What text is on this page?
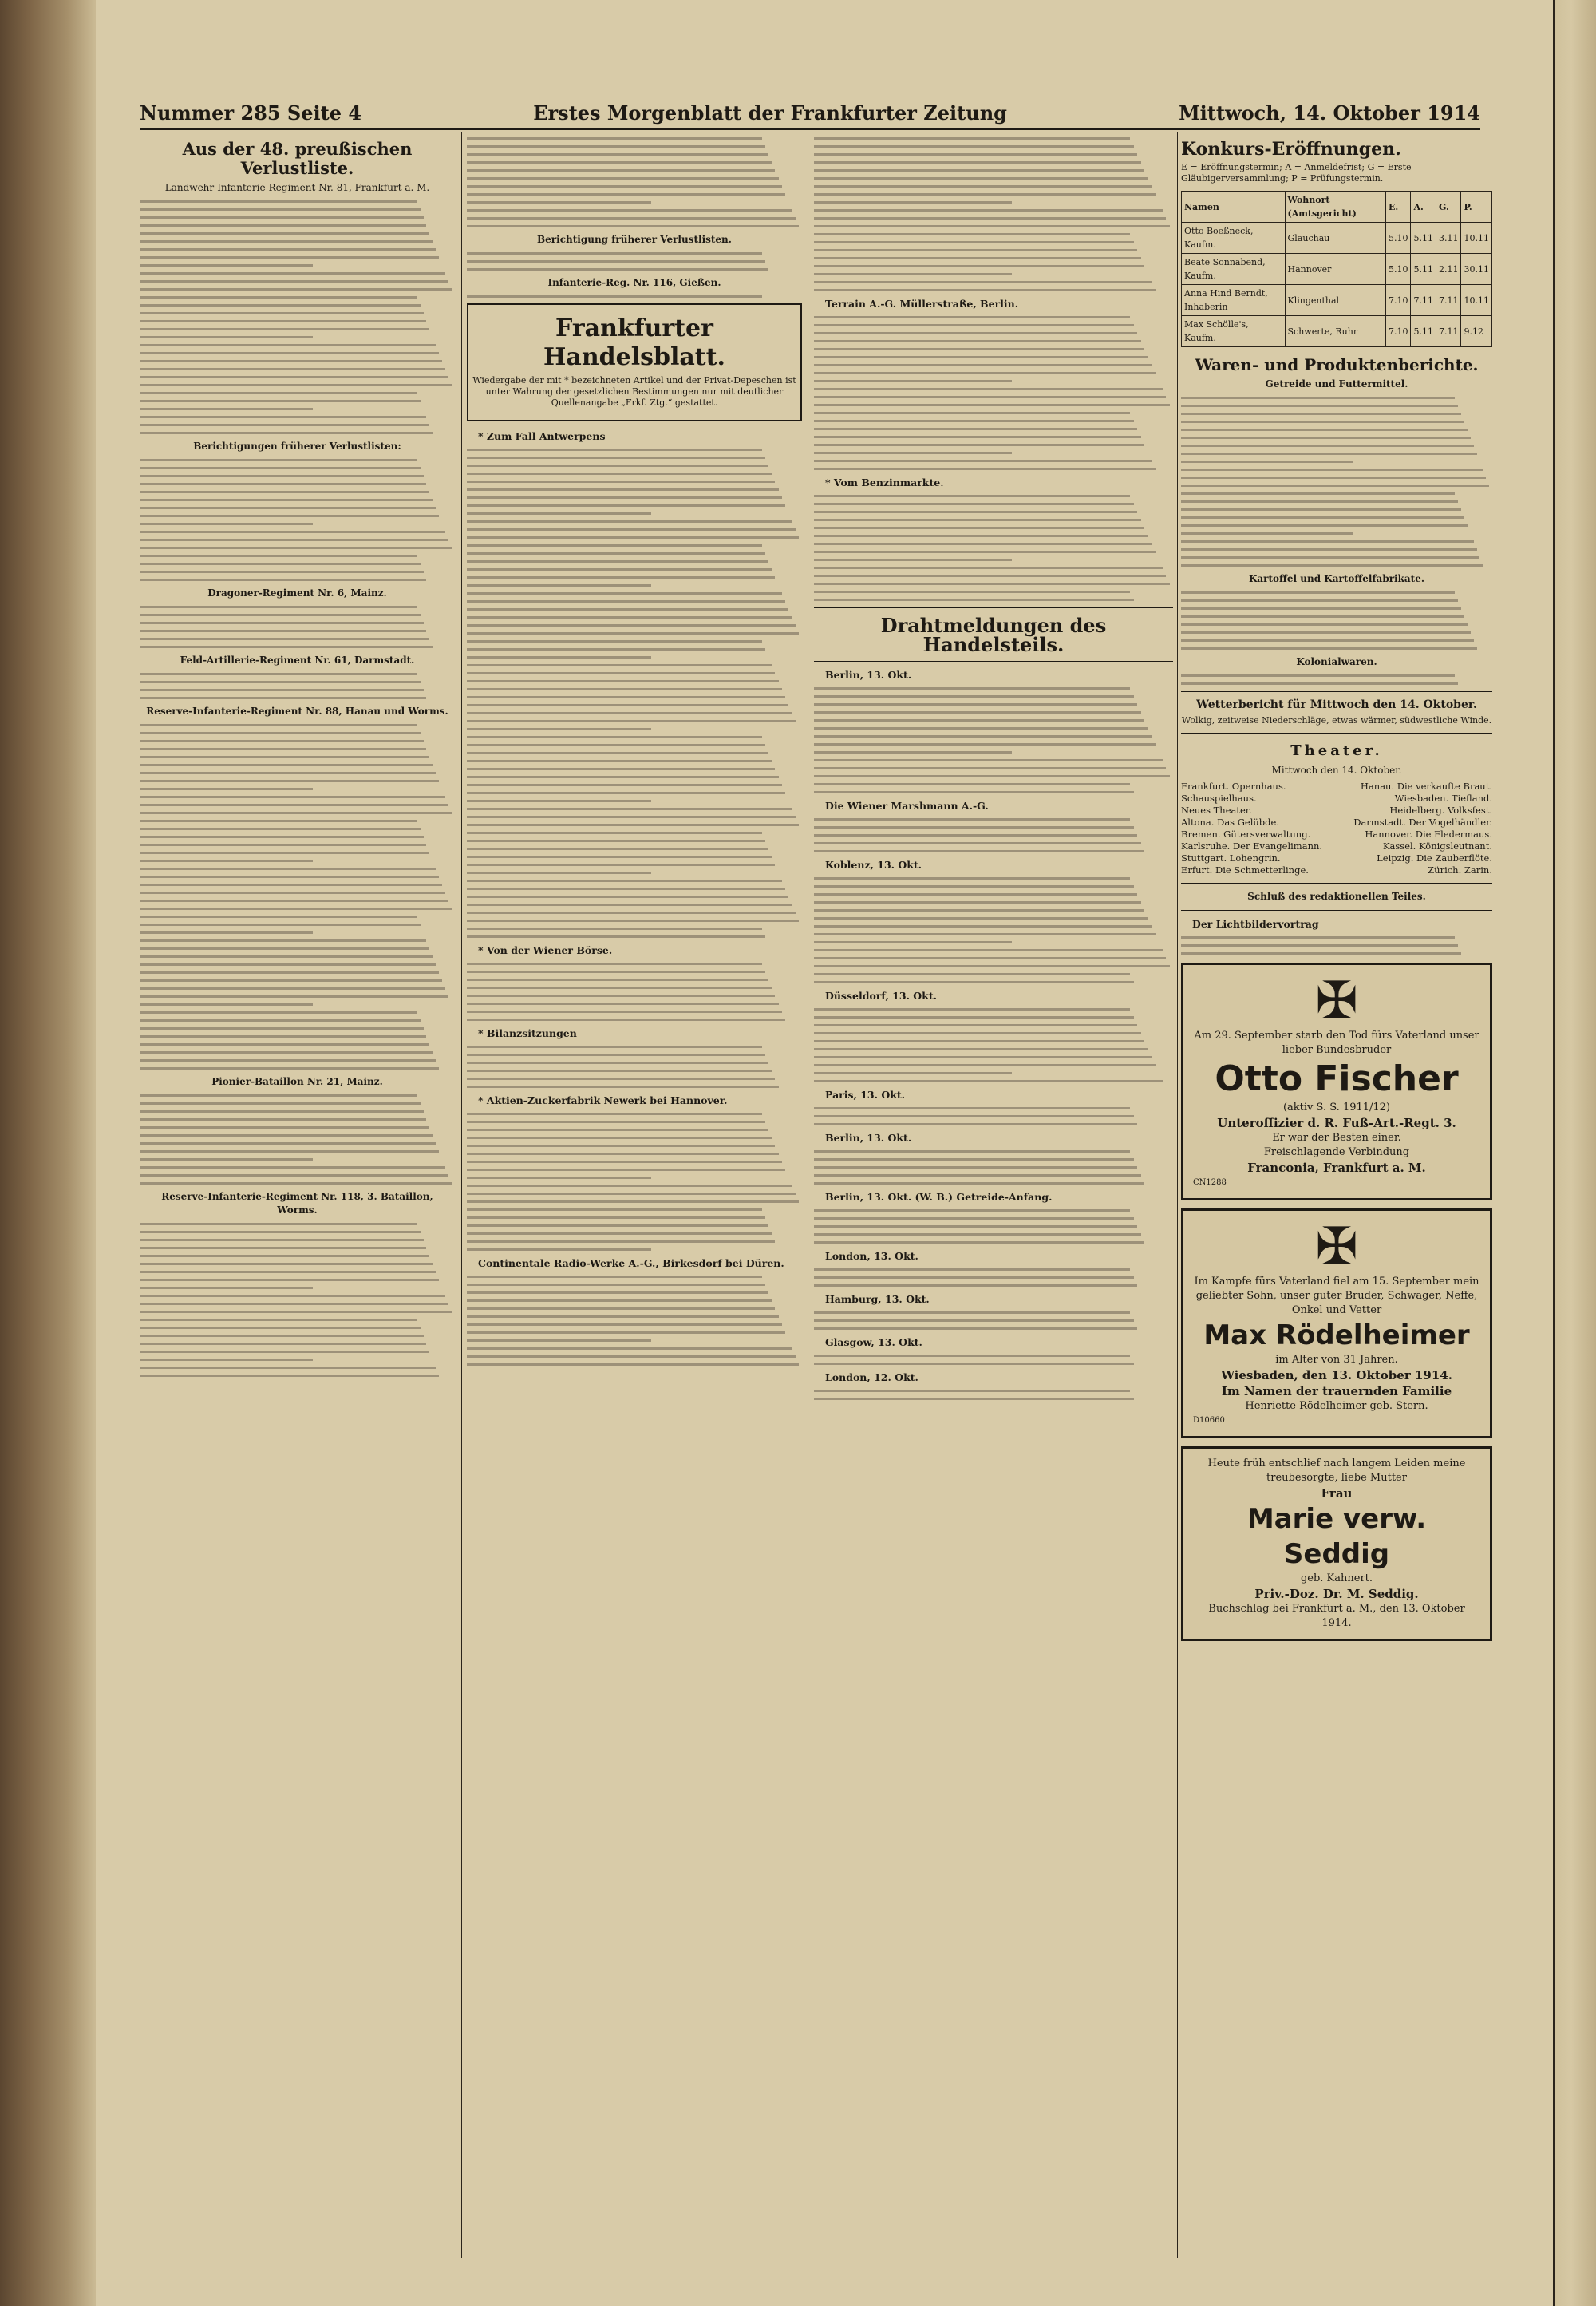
Nummer 285 Seite 4	Erstes Morgenblatt der Frankfurter Zeitung	Mittwoch, 14. Oktober 1914
Aus der 48. preußischen Verlustliste.
Landwehr-Infanterie-Regiment Nr. 81, Frankfurt a. M.
Berichtigungen früherer Verlustlisten:
Dragoner-Regiment Nr. 6, Mainz.
Feld-Artillerie-Regiment Nr. 61, Darmstadt.
Reserve-Infanterie-Regiment Nr. 88, Hanau und Worms.
Pionier-Bataillon Nr. 21, Mainz.
Reserve-Infanterie-Regiment Nr. 118, 3. Bataillon, Worms.
Berichtigung früherer Verlustlisten.
Infanterie-Reg. Nr. 116, Gießen.
Frankfurter Handelsblatt.
Wiedergabe der mit * bezeichneten Artikel und der Privat-Depeschen ist unter Wahrung der gesetzlichen Bestimmungen nur mit deutlicher Quellenangabe „Frkf. Ztg.“ gestattet.
* Zum Fall Antwerpens
* Von der Wiener Börse.
* Bilanzsitzungen
* Aktien-Zuckerfabrik Newerk bei Hannover.
Continentale Radio-Werke A.-G., Birkesdorf bei Düren.
Terrain A.-G. Müllerstraße, Berlin.
* Vom Benzinmarkte.
Drahtmeldungen des Handelsteils.
Berlin, 13. Okt.
Die Wiener Marshmann A.-G.
Koblenz, 13. Okt.
Düsseldorf, 13. Okt.
Paris, 13. Okt.
Berlin, 13. Okt.
Berlin, 13. Okt. (W. B.) Getreide-Anfang.
London, 13. Okt.
Hamburg, 13. Okt.
Glasgow, 13. Okt.
London, 12. Okt.
Konkurs-Eröffnungen.
E = Eröffnungstermin; A = Anmeldefrist; G = Erste Gläubigerversammlung; P = Prüfungstermin.
Namen	Wohnort (Amtsgericht)	E.	A.	G.	P.
Otto Boeßneck, Kaufm.	Glauchau	5.10	5.11	3.11	10.11
Beate Sonnabend, Kaufm.	Hannover	5.10	5.11	2.11	30.11
Anna Hind Berndt, Inhaberin	Klingenthal	7.10	7.11	7.11	10.11
Max Schölle's, Kaufm.	Schwerte, Ruhr	7.10	5.11	7.11	9.12
Waren- und Produktenberichte.
Getreide und Futtermittel.
Kartoffel und Kartoffelfabrikate.
Kolonialwaren.
Wetterbericht für Mittwoch den 14. Oktober.
Wolkig, zeitweise Niederschläge, etwas wärmer, südwestliche Winde.
Theater.
Mittwoch den 14. Oktober.
Frankfurt. Opernhaus.	Hanau. Die verkaufte Braut.
Schauspielhaus.	Wiesbaden. Tiefland.
Neues Theater.	Heidelberg. Volksfest.
Altona. Das Gelübde.	Darmstadt. Der Vogelhändler.
Bremen. Gütersverwaltung.	Hannover. Die Fledermaus.
Karlsruhe. Der Evangelimann.	Kassel. Königsleutnant.
Stuttgart. Lohengrin.	Leipzig. Die Zauberflöte.
Erfurt. Die Schmetterlinge.	Zürich. Zarin.
Schluß des redaktionellen Teiles.
Der Lichtbildervortrag
✠
Am 29. September starb den Tod fürs Vaterland unser lieber Bundesbruder
Otto Fischer
(aktiv S. S. 1911/12)
Unteroffizier d. R. Fuß-Art.-Regt. 3.
Er war der Besten einer.
Freischlagende Verbindung
Franconia, Frankfurt a. M.
CN1288
✠
Im Kampfe fürs Vaterland fiel am 15. September mein geliebter Sohn, unser guter Bruder, Schwager, Neffe, Onkel und Vetter
Max Rödelheimer
im Alter von 31 Jahren.
Wiesbaden, den 13. Oktober 1914.
Im Namen der trauernden Familie
Henriette Rödelheimer geb. Stern.
D10660
Heute früh entschlief nach langem Leiden meine treubesorgte, liebe Mutter
Frau
Marie verw. Seddig
geb. Kahnert.
Priv.-Doz. Dr. M. Seddig.
Buchschlag bei Frankfurt a. M., den 13. Oktober 1914.
